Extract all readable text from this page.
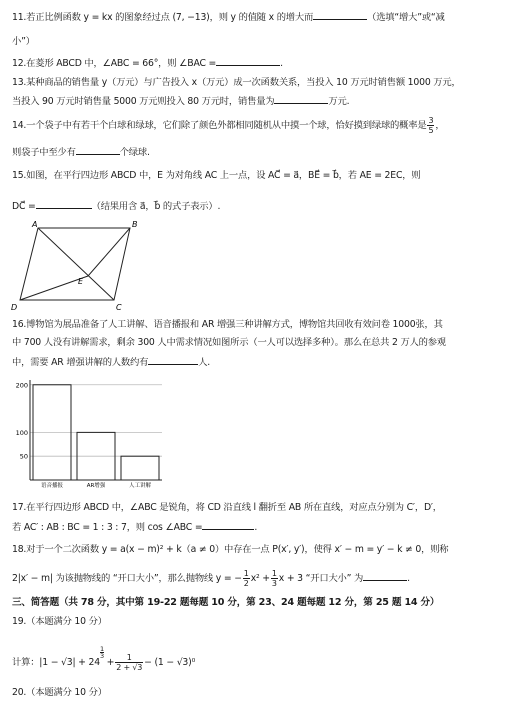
11.若正比例函数 y = kx 的图象经过点 (7, −13)，则 y 的值随 x 的增大而	（选填“增大”或“减
小”）
12.在菱形 ABCD 中，∠ABC = 66°，则 ∠BAC =	.
13.某种商品的销售量 y（万元）与广告投入 x（万元）成一次函数关系，当投入 10 万元时销售额 1000 万元，
当投入 90 万元时销售量 5000 万元则投入 80 万元时，销售量为	万元.
14.一个袋子中有若干个白球和绿球，它们除了颜色外都相同随机从中摸一个球，恰好摸到绿球的概率是 $\frac{3}{5}$ ，
则袋子中至少有	个绿球.
15.如图，在平行四边形 ABCD 中，E 为对角线 AC 上一点，设 AC⃗ = a⃗，BE⃗ = b⃗，若 AE = 2EC，则
DC⃗ =	（结果用含 a⃗，b⃗ 的式子表示）.
A	B
C
D
E
16.博物馆为展品准备了人工讲解、语音播报和 AR 增强三种讲解方式，博物馆共回收有效问卷 1000张，其
中 700 人没有讲解需求，剩余 300 人中需求情况如图所示（一人可以选择多种）。那么在总共 2 万人的参观
中，需要 AR 增强讲解的人数约有	人.
200
100
50
语音播报	AR增强	人工讲解
17.在平行四边形 ABCD 中，∠ABC 是锐角，将 CD 沿直线 l 翻折至 AB 所在直线，对应点分别为 C′，D′，
若 AC′ : AB : BC = 1 : 3 : 7，则 cos ∠ABC =	.
18.对于一个二次函数 y = a(x − m)² + k（a ≠ 0）中存在一点 P(x′, y′)，使得 x′ − m = y′ − k ≠ 0，则称
2|x′ − m| 为该抛物线的 “开口大小”，那么抛物线 y = − $\frac{1}{2} x^2 + \frac{1}{3}$ x + 3 “开口大小” 为	.
三、简答题（共 78 分，其中第 19-22 题每题 10 分，第 23、24 题每题 12 分，第 25 题 14 分）
19.（本题满分 10 分）
计算：|1 − √3| + 24
$^{\frac{1}{3}}$
+ $\frac{1}{2 + √3} - (1 - √3)^0$
20.（本题满分 10 分）
